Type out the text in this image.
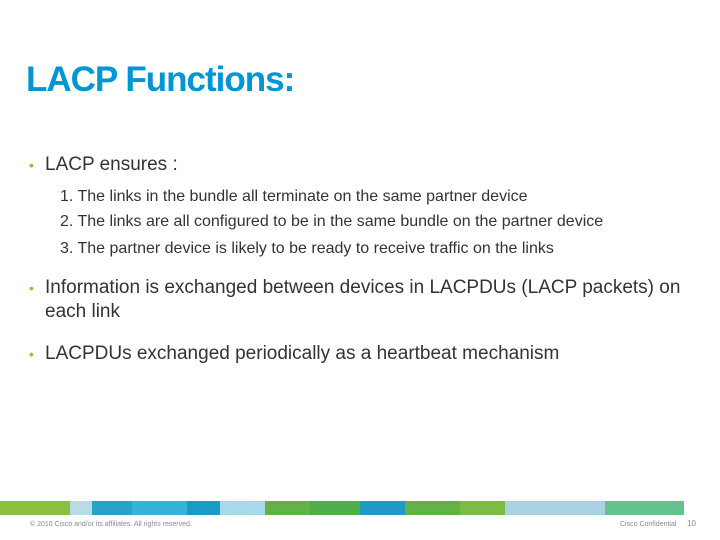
LACP Functions:
• LACP ensures :
1. The links in the bundle all terminate on the same partner device
2. The links are all configured to be in the same bundle on the partner device
3. The partner device is likely to be ready to receive traffic on the links
• Information is exchanged between devices in LACPDUs (LACP packets) on each link
• LACPDUs exchanged periodically as a heartbeat mechanism
© 2010 Cisco and/or its affiliates. All rights reserved.	Cisco Confidential 10
